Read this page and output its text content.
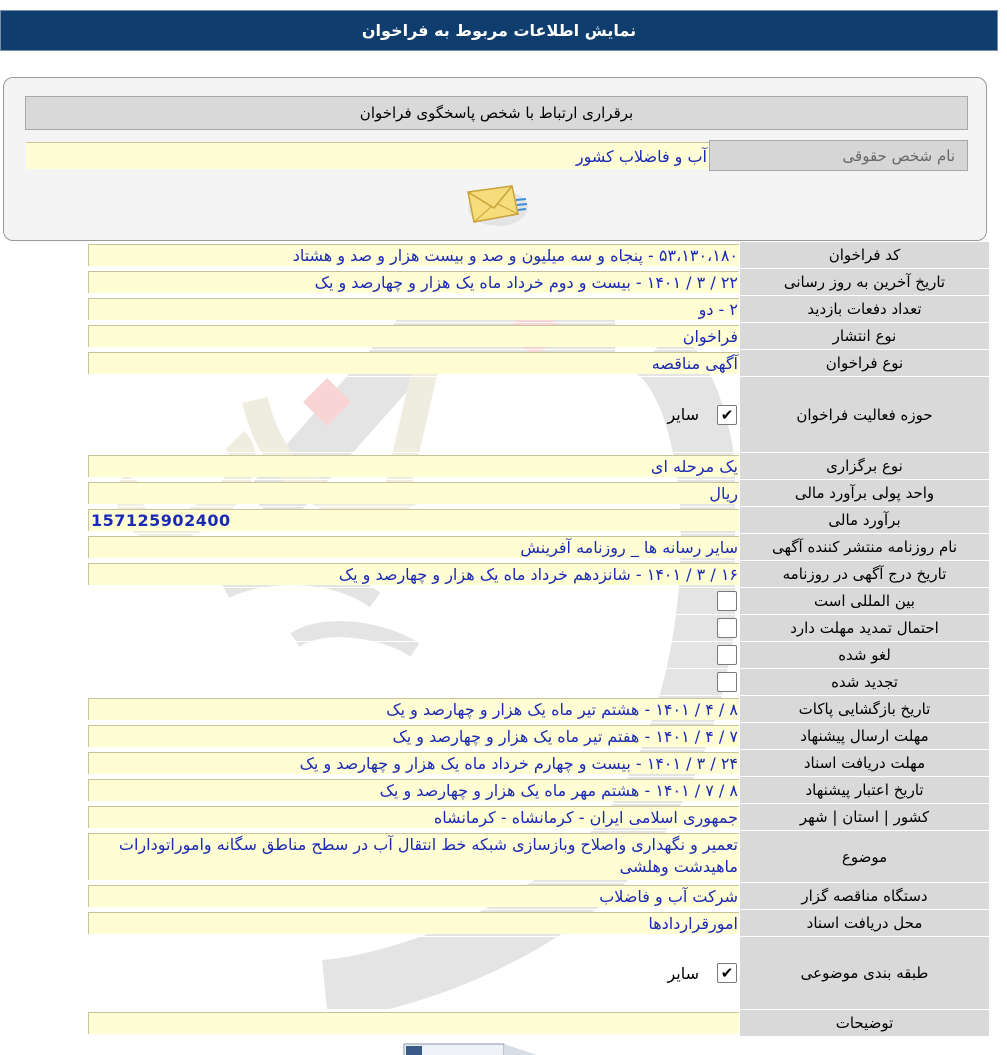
نمایش اطلاعات مربوط به فراخوان
برقراری ارتباط با شخص پاسخگوی فراخوان
نام شخص حقوقی
آب و فاضلاب کشور
کد فراخوان
۵۳،۱۳۰،۱۸۰ - پنجاه و سه میلیون و صد و بیست هزار و صد و هشتاد
تاریخ آخرین به روز رسانی
۲۲ / ۳ / ۱۴۰۱ - بیست و دوم خرداد ماه یک هزار و چهارصد و یک
تعداد دفعات بازدید
۲ - دو
نوع انتشار
فراخوان
نوع فراخوان
آگهی مناقصه
حوزه فعالیت فراخوان
✔
سایر
نوع برگزاری
یک مرحله ای
واحد پولی برآورد مالی
ریال
برآورد مالی
157125902400
نام روزنامه منتشر کننده آگهی
سایر رسانه ها _ روزنامه آفرینش
تاریخ درج آگهی در روزنامه
۱۶ / ۳ / ۱۴۰۱ - شانزدهم خرداد ماه یک هزار و چهارصد و یک
بین المللی است
احتمال تمدید مهلت دارد
لغو شده
تجدید شده
تاریخ بازگشایی پاکات
۸ / ۴ / ۱۴۰۱ - هشتم تیر ماه یک هزار و چهارصد و یک
مهلت ارسال پیشنهاد
۷ / ۴ / ۱۴۰۱ - هفتم تیر ماه یک هزار و چهارصد و یک
مهلت دریافت اسناد
۲۴ / ۳ / ۱۴۰۱ - بیست و چهارم خرداد ماه یک هزار و چهارصد و یک
تاریخ اعتبار پیشنهاد
۸ / ۷ / ۱۴۰۱ - هشتم مهر ماه یک هزار و چهارصد و یک
کشور | استان | شهر
جمهوری اسلامی ایران - کرمانشاه - کرمانشاه
موضوع
تعمیر و نگهداری واصلاح وبازسازی شبکه خط انتقال آب در سطح مناطق سگانه واموراتودارات ماهیدشت وهلشی
دستگاه مناقصه گزار
شرکت آب و فاضلاب
محل دریافت اسناد
امورقراردادها
طبقه بندی موضوعی
✔
سایر
توضیحات
